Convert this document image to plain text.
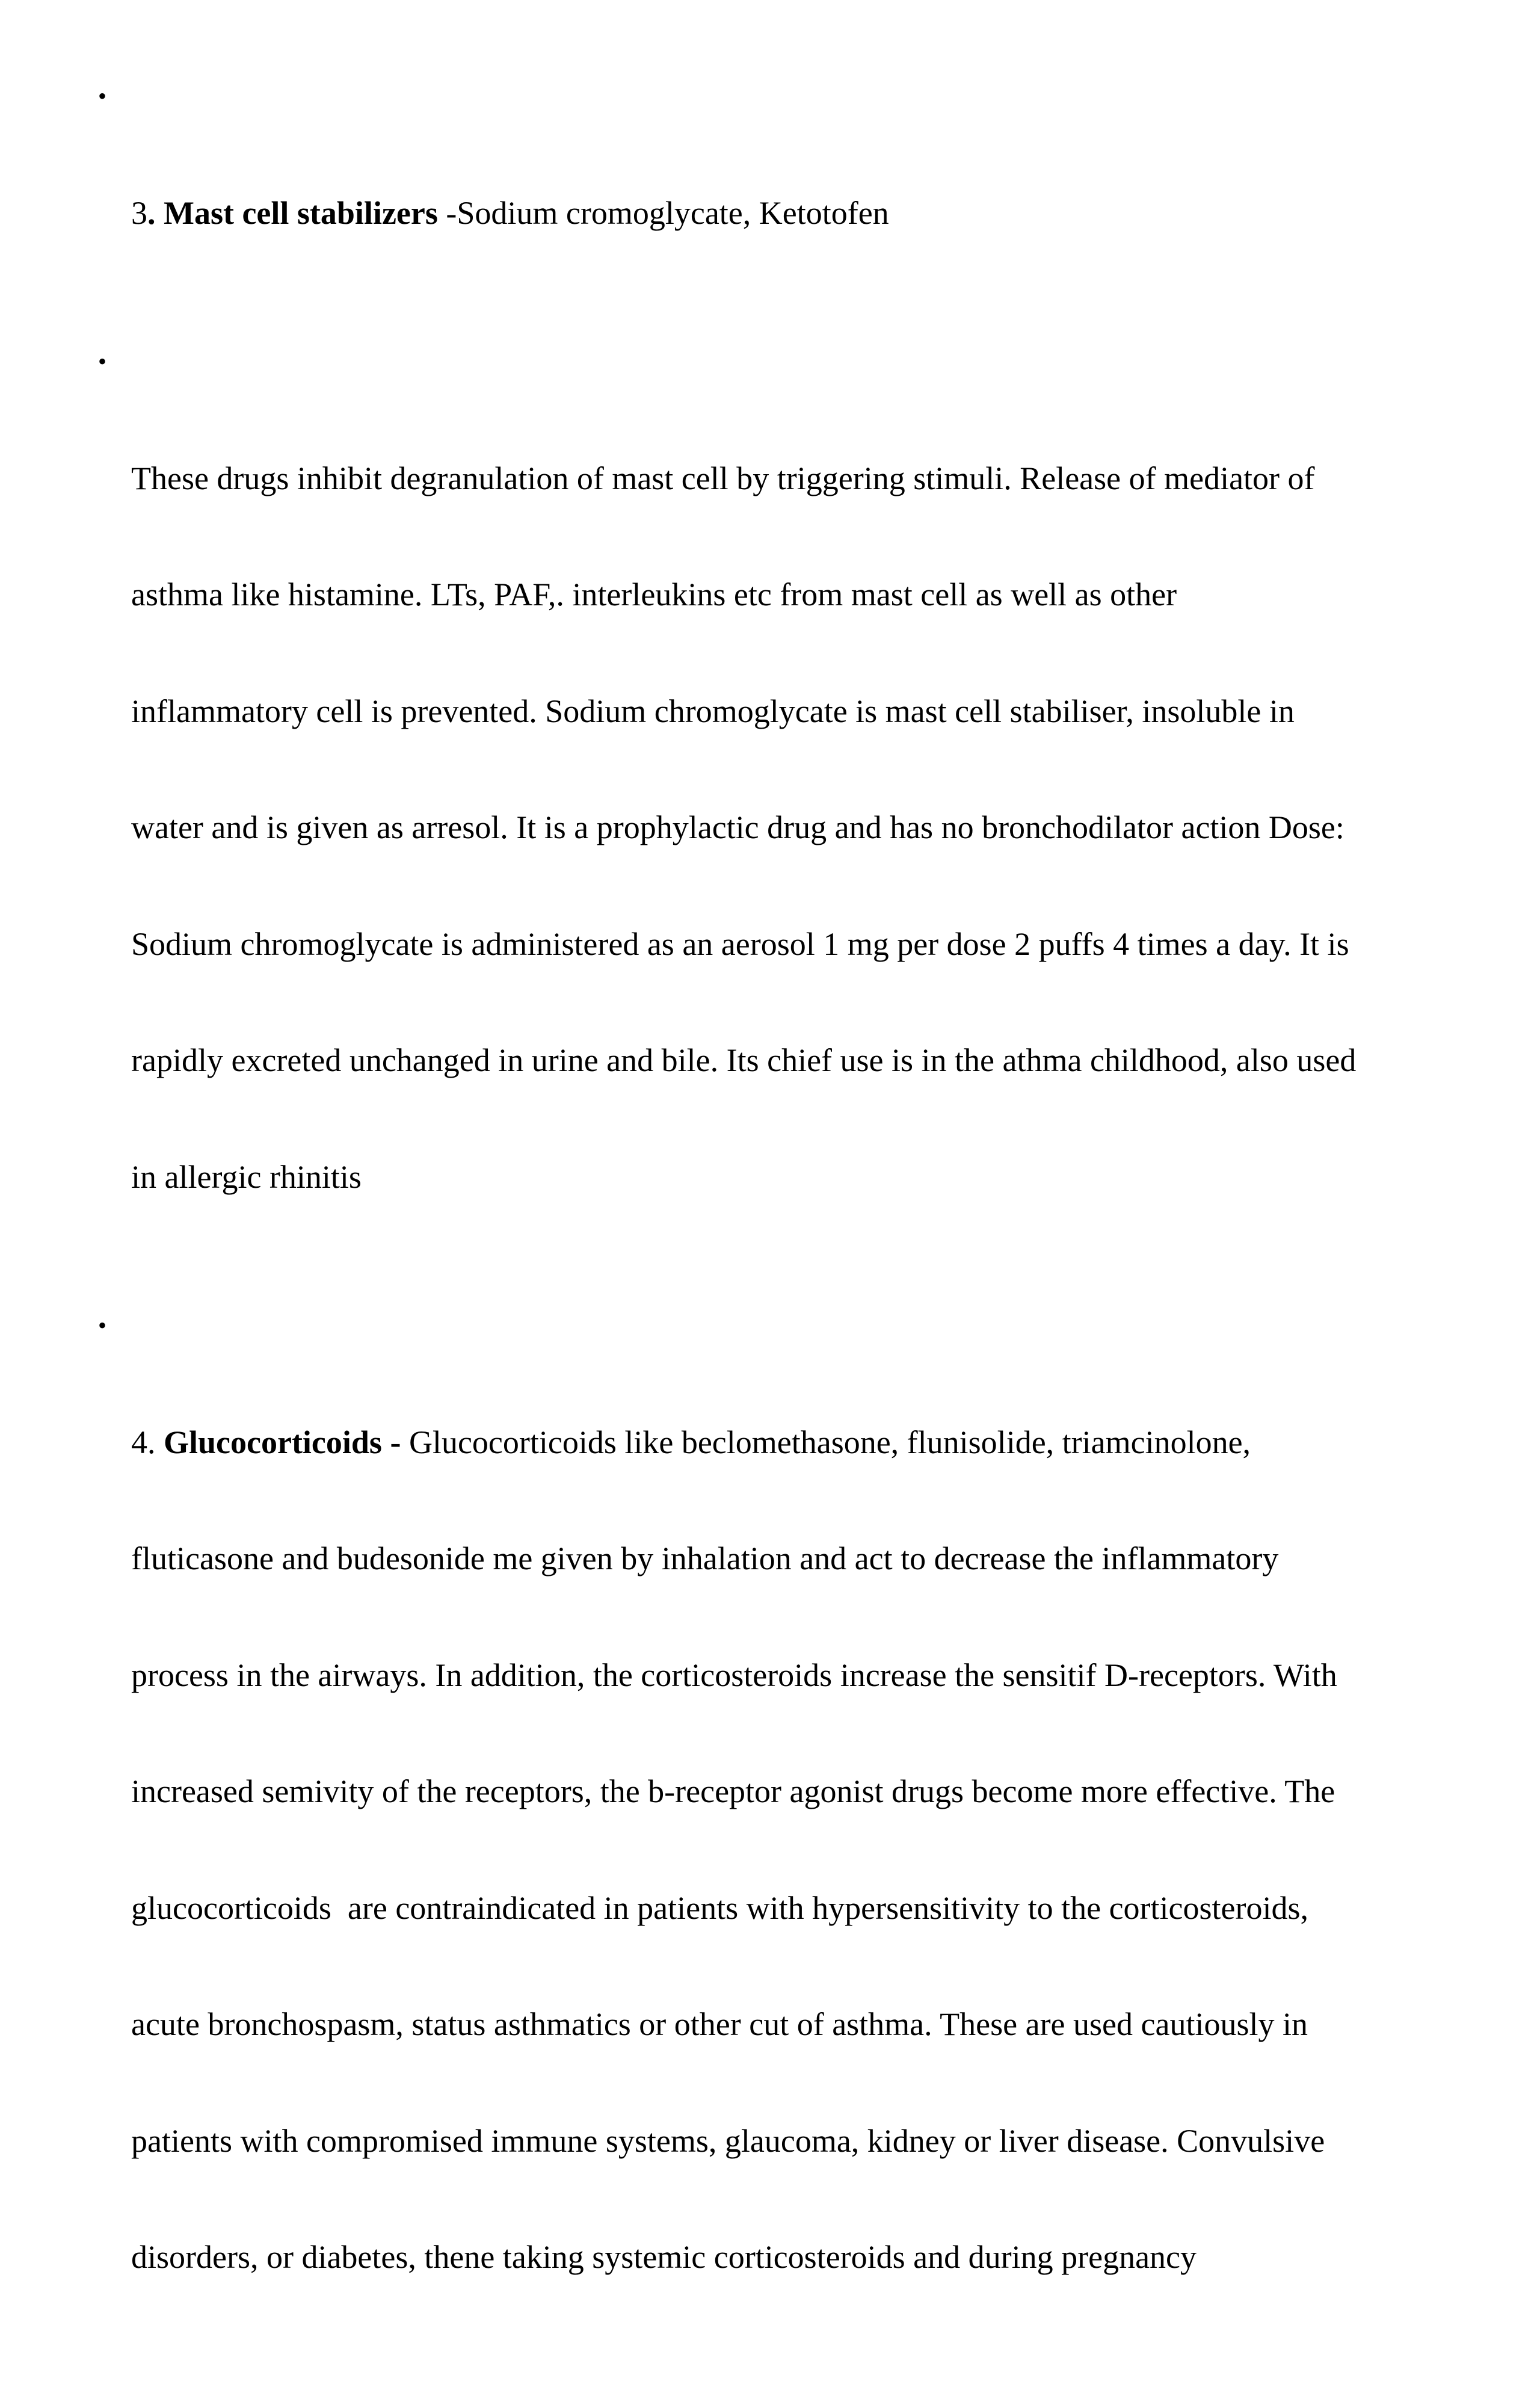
•

3. Mast cell stabilizers -Sodium cromoglycate, Ketotofen

•

These drugs inhibit degranulation of mast cell by triggering stimuli. Release of mediator of

asthma like histamine. LTs, PAF,. interleukins etc from mast cell as well as other

inflammatory cell is prevented. Sodium chromoglycate is mast cell stabiliser, insoluble in

water and is given as arresol. It is a prophylactic drug and has no bronchodilator action Dose:

Sodium chromoglycate is administered as an aerosol 1 mg per dose 2 puffs 4 times a day. It is

rapidly excreted unchanged in urine and bile. Its chief use is in the athma childhood, also used

in allergic rhinitis

•

4. Glucocorticoids - Glucocorticoids like beclomethasone, flunisolide, triamcinolone,

fluticasone and budesonide me given by inhalation and act to decrease the inflammatory

process in the airways. In addition, the corticosteroids increase the sensitif D-receptors. With

increased semivity of the receptors, the b-receptor agonist drugs become more effective. The

glucocorticoids  are contraindicated in patients with hypersensitivity to the corticosteroids,

acute bronchospasm, status asthmatics or other cut of asthma. These are used cautiously in

patients with compromised immune systems, glaucoma, kidney or liver disease. Convulsive

disorders, or diabetes, thene taking systemic corticosteroids and during pregnancy
